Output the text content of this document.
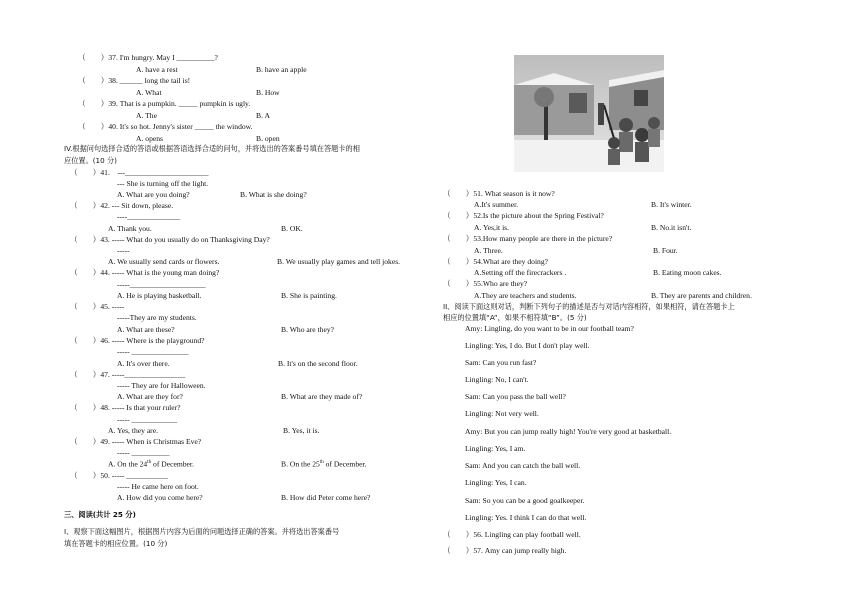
（　　）37. I'm hungry. May I __________?
A. have a rest	B. have an apple
（　　）38. ______ long the tail is!
A. What	B. How
（　　）39. That is a pumpkin. _____ pumpkin is ugly.
A. The	B. A
（　　）40. It's so hot. Jenny's sister _____ the window.
A. opens	B. open
IV.根据问句选择合适的答语或根据答语选择合适的问句，并将选出的答案番号填在答题卡的相
应位置。(10 分)
（　　）41.　---______________________
--- She is turning off the light.
A. What are you doing?	B. What is she doing?
（　　）42. --- Sit down, please.
----______________
A. Thank you.	B. OK.
（　　）43. ----- What do you usually do on Thanksgiving Day?
-----
A. We usually send cards or flowers.	B. We usually play games and tell jokes.
（　　）44. ----- What is the young man doing?
-----____________________
A. He is playing basketball.	B. She is painting.
（　　）45. -----
-----They are my students.
A. What are these?	B. Who are they?
（　　）46. ----- Where is the playground?
----- _______________
A. It's over there.	B. It's on the second floor.
（　　）47. -----________________
----- They are for Halloween.
A. What are they for?	B. What are they made of?
（　　）48. ----- Is that your ruler?
----- ____________
A. Yes, they are.	B. Yes, it is.
（　　）49. ----- When is Christmas Eve?
----- __________
A. On the 24th of December.	B. On the 25th of December.
（　　）50. ----- ___________
----- He came here on foot.
A. How did you come here?	B. How did Peter come here?
三、阅读(共计 25 分)
I、观察下面这幅图片，根据图片内容为后面的问题选择正确的答案。并将选出答案番号
填在答题卡的相应位置。(10 分)
（　　）51. What season is it now?
A.It's summer.	B. It's winter.
（　　）52.Is the picture about the Spring Festival?
A. Yes,it is.	B. No.it isn't.
（　　）53.How many people are there in the picture?
A. Three.	B. Four.
（　　）54.What are they doing?
A.Setting off the firecrackers .	B. Eating moon cakes.
（　　）55.Who are they?
A.They are teachers and students.	B. They are parents and children.
II、阅读下面这则对话，判断下列句子的描述是否与对话内容相符，如果相符，请在答题卡上
相应的位置填“A”，如果不相符填“B”。(5 分)
Amy: Lingling, do you want to be in our football team?
Lingling: Yes, I do. But I don't play well.
Sam: Can you run fast?
Lingling: No, I can't.
Sam: Can you pass the ball well?
Lingling: Not very well.
Amy: But you can jump really high! You're very good at basketball.
Lingling: Yes, I am.
Sam: And you can catch the ball well.
Lingling: Yes, I can.
Sam: So you can be a good goalkeeper.
Lingling: Yes. I think I can do that well.
（　　）56. Lingling can play football well.
（　　）57. Amy can jump really high.
